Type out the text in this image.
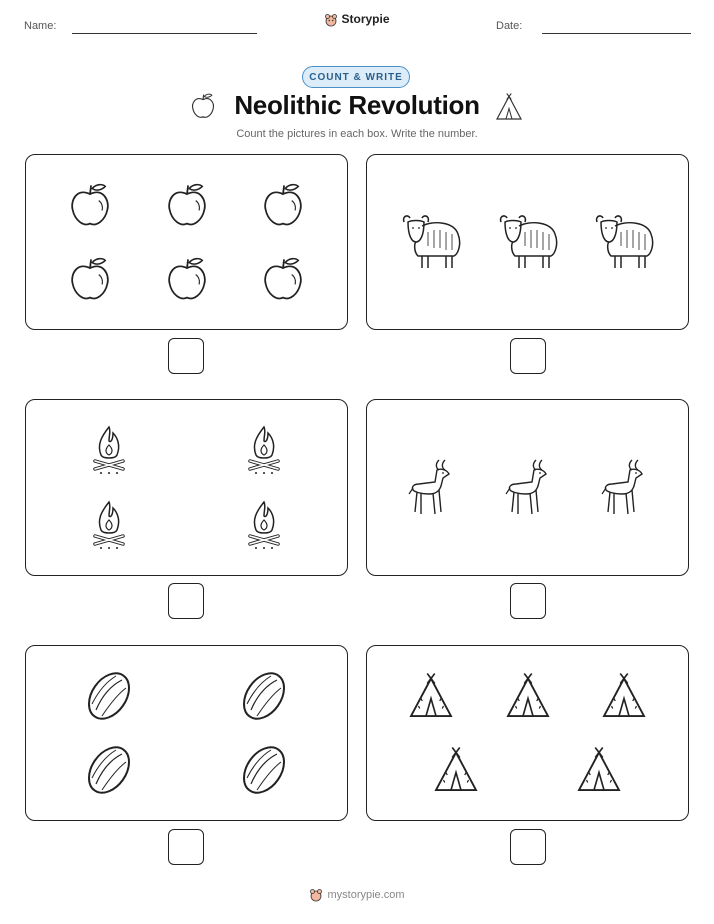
Name:	Storypie	Date:
COUNT & WRITE
Neolithic Revolution
Count the pictures in each box. Write the number.
mystorypie.com
